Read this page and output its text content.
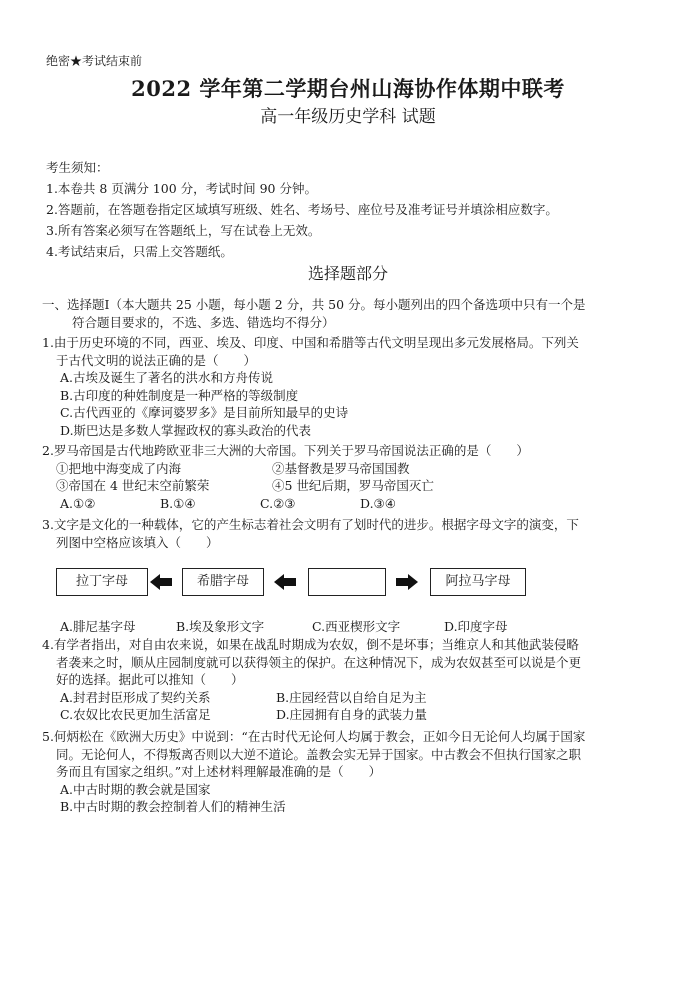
绝密★考试结束前
2022 学年第二学期台州山海协作体期中联考
高一年级历史学科 试题
考生须知：
1.本卷共 8 页满分 100 分，考试时间 90 分钟。
2.答题前，在答题卷指定区域填写班级、姓名、考场号、座位号及准考证号并填涂相应数字。
3.所有答案必须写在答题纸上，写在试卷上无效。
4.考试结束后，只需上交答题纸。
选择题部分
一、选择题Ⅰ（本大题共 25 小题，每小题 2 分，共 50 分。每小题列出的四个备选项中只有一个是
符合题目要求的，不选、多选、错选均不得分）
1.由于历史环境的不同，西亚、埃及、印度、中国和希腊等古代文明呈现出多元发展格局。下列关
于古代文明的说法正确的是（　　）
A.古埃及诞生了著名的洪水和方舟传说
B.古印度的种姓制度是一种严格的等级制度
C.古代西亚的《摩诃婆罗多》是目前所知最早的史诗
D.斯巴达是多数人掌握政权的寡头政治的代表
2.罗马帝国是古代地跨欧亚非三大洲的大帝国。下列关于罗马帝国说法正确的是（　　）
①把地中海变成了内海	②基督教是罗马帝国国教
③帝国在 4 世纪末空前繁荣	④5 世纪后期，罗马帝国灭亡
A.①②	B.①④	C.②③	D.③④
3.文字是文化的一种载体，它的产生标志着社会文明有了划时代的进步。根据字母文字的演变，下
列图中空格应该填入（　　）
拉丁字母	希腊字母	阿拉马字母
A.腓尼基字母	B.埃及象形文字	C.西亚楔形文字	D.印度字母
4.有学者指出，对自由农来说，如果在战乱时期成为农奴，倒不是坏事；当维京人和其他武装侵略
者袭来之时，顺从庄园制度就可以获得领主的保护。在这种情况下，成为农奴甚至可以说是个更
好的选择。据此可以推知（　　）
A.封君封臣形成了契约关系	B.庄园经营以自给自足为主
C.农奴比农民更加生活富足	D.庄园拥有自身的武装力量
5.何炳松在《欧洲大历史》中说到：“在古时代无论何人均属于教会，正如今日无论何人均属于国家
同。无论何人，不得叛离否则以大逆不道论。盖教会实无异于国家。中古教会不但执行国家之职
务而且有国家之组织。”对上述材料理解最准确的是（　　）
A.中古时期的教会就是国家
B.中古时期的教会控制着人们的精神生活
